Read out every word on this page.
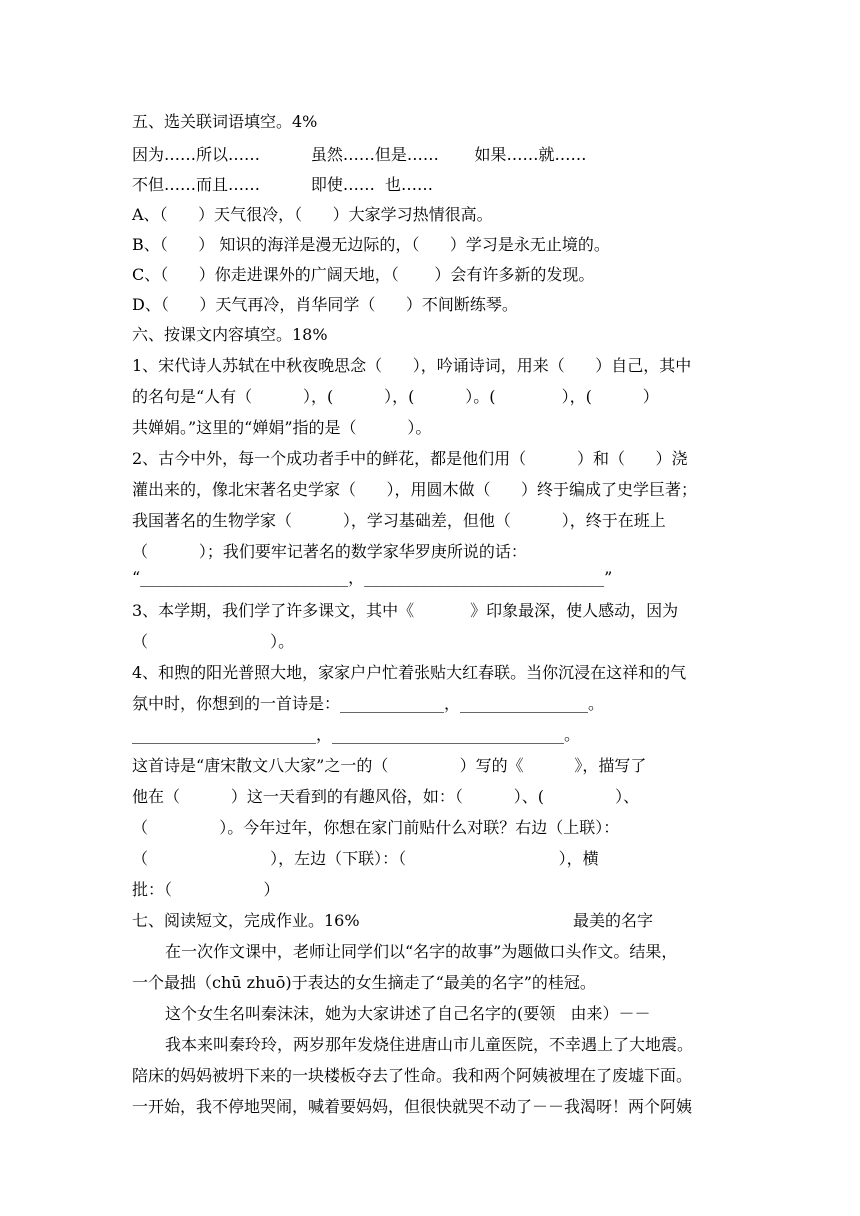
五、选关联词语填空。4%
因为……所以……          虽然……但是……       如果……就……
不但……而且……          即使……  也……
A、（      ）天气很冷，（      ）大家学习热情很高。
B、（      ） 知识的海洋是漫无边际的，（      ）学习是永无止境的。
C、（      ）你走进课外的广阔天地，（       ）会有许多新的发现。
D、（      ）天气再冷，肖华同学（      ）不间断练琴。
六、按课文内容填空。18%
1、宋代诗人苏轼在中秋夜晚思念（      ），吟诵诗词，用来（      ）自己，其中
的名句是“人有（          ），(          ），(          ）。(             ），(          ）
共婵娟。”这里的“婵娟”指的是（          ）。
2、古今中外，每一个成功者手中的鲜花，都是他们用（          ）和（      ）浇
灌出来的，像北宋著名史学家（      ），用圆木做（      ）终于编成了史学巨著；
我国著名的生物学家（          ），学习基础差，但他（          ），终于在班上
（          ）；我们要牢记著名的数学家华罗庚所说的话：
“__________________________，______________________________”
3、本学期，我们学了许多课文，其中《           》印象最深，使人感动，因为
（                        ）。
4、和煦的阳光普照大地，家家户户忙着张贴大红春联。当你沉浸在这祥和的气
氛中时，你想到的一首诗是：_____________，________________。
_______________________，_____________________________。
这首诗是“唐宋散文八大家”之一的（              ）写的《          》，描写了
他在（          ）这一天看到的有趣风俗，如：（          ）、(              ）、
（              ）。今年过年，你想在家门前贴什么对联？右边（上联）：
（                        ），左边（下联）：（                              ），横
批：（                  ）
七、阅读短文，完成作业。16%	最美的名字
在一次作文课中，老师让同学们以“名字的故事”为题做口头作文。结果，
一个最拙（chū zhuō)于表达的女生摘走了“最美的名字”的桂冠。
这个女生名叫秦沫沫，她为大家讲述了自己名字的(要领   由来）－－
我本来叫秦玲玲，两岁那年发烧住进唐山市儿童医院，不幸遇上了大地震。
陪床的妈妈被坍下来的一块楼板夺去了性命。我和两个阿姨被埋在了废墟下面。
一开始，我不停地哭闹，喊着要妈妈，但很快就哭不动了－－我渴呀！两个阿姨
